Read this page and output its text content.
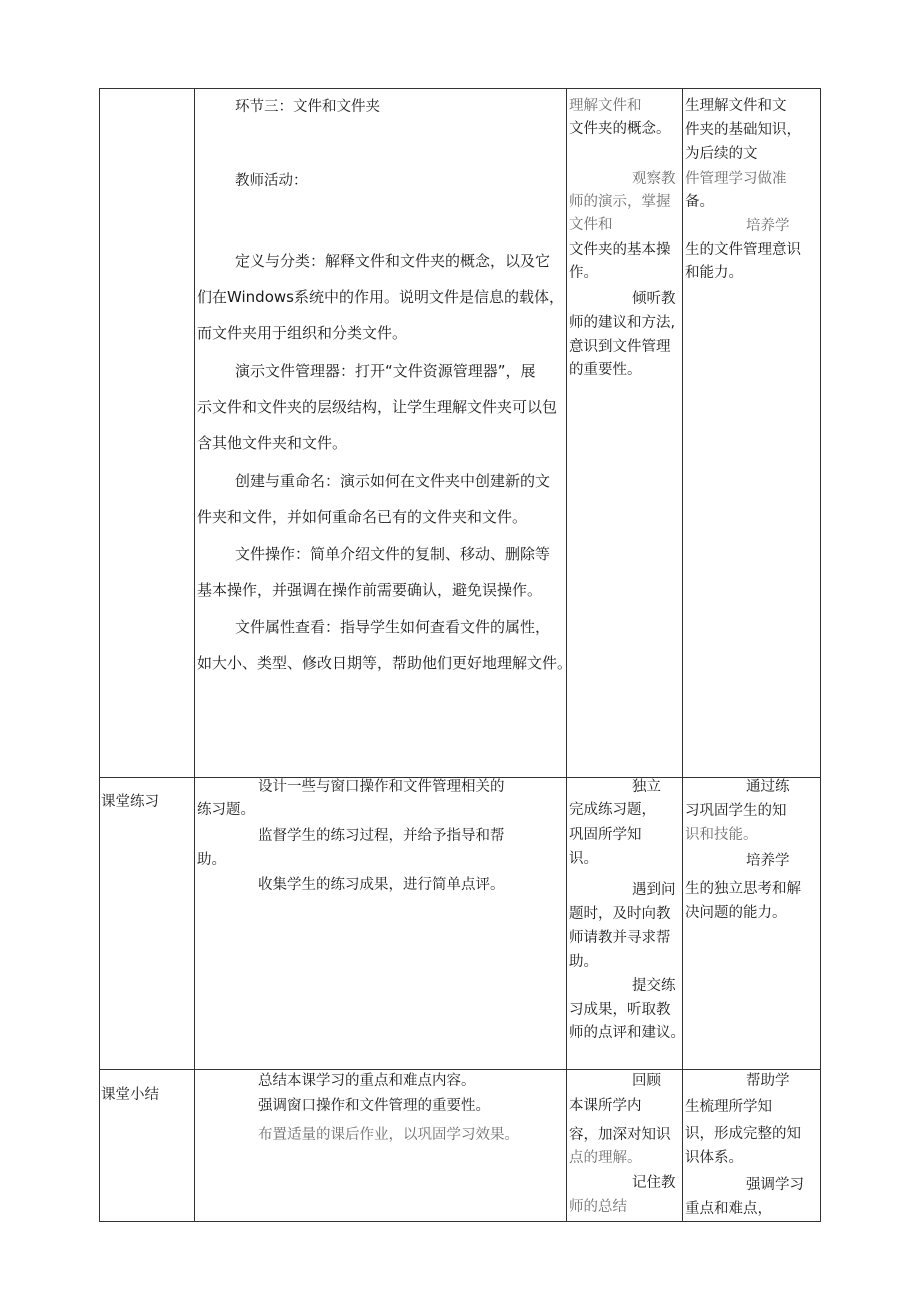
环节三：文件和文件夹
教师活动：
定义与分类：解释文件和文件夹的概念，以及它
们在Windows系统中的作用。说明文件是信息的载体，
而文件夹用于组织和分类文件。
演示文件管理器：打开“文件资源管理器”，展
示文件和文件夹的层级结构，让学生理解文件夹可以包
含其他文件夹和文件。
创建与重命名：演示如何在文件夹中创建新的文
件夹和文件，并如何重命名已有的文件夹和文件。
文件操作：简单介绍文件的复制、移动、删除等
基本操作，并强调在操作前需要确认，避免误操作。
文件属性查看：指导学生如何查看文件的属性，
如大小、类型、修改日期等，帮助他们更好地理解文件。
理解文件和
文件夹的概念。
观察教
师的演示，掌握
文件和
文件夹的基本操
作。
倾听教
师的建议和方法,
意识到文件管理
的重要性。
生理解文件和文
件夹的基础知识，
为后续的文
件管理学习做准
备。
培养学
生的文件管理意识
和能力。
课堂练习
设计一些与窗口操作和文件管理相关的
练习题。
监督学生的练习过程，并给予指导和帮
助。
收集学生的练习成果，进行简单点评。
独立
完成练习题，
巩固所学知
识。
遇到问
题时，及时向教
师请教并寻求帮
助。
提交练
习成果，听取教
师的点评和建议。
通过练
习巩固学生的知
识和技能。
培养学
生的独立思考和解
决问题的能力。
课堂小结
总结本课学习的重点和难点内容。
强调窗口操作和文件管理的重要性。
布置适量的课后作业，以巩固学习效果。
回顾
本课所学内
容，加深对知识
点的理解。
记住教
师的总结
帮助学
生梳理所学知
识，形成完整的知
识体系。
强调学习
重点和难点，
